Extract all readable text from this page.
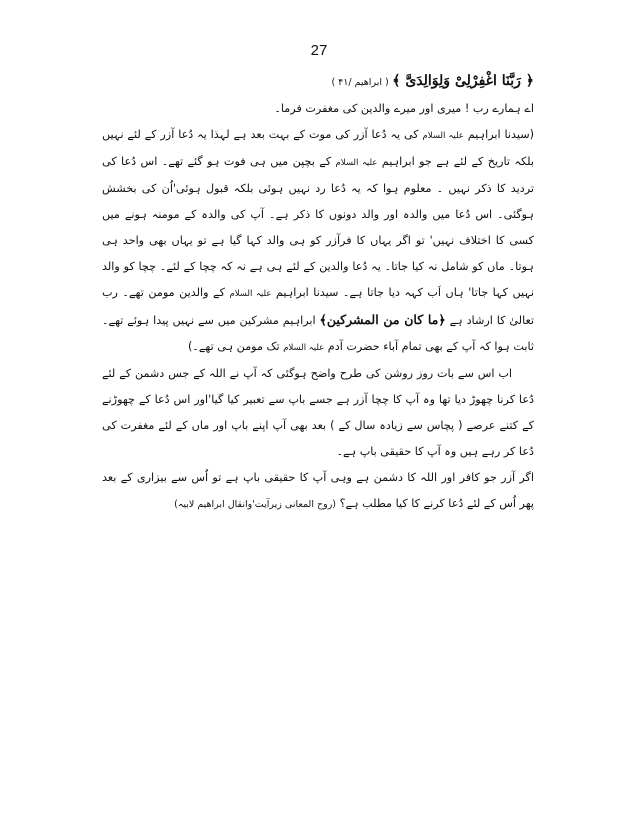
27

﴿ رَبَّنَا اغْفِرْلِیْ وَلِوَالِدَیَّ ﴾ ( ابراھیم /۴۱ )

اے ہمارے رب ! میری اور میرے والدین کی مغفرت فرما۔

(سیدنا ابراہیم علیہ السلام کی یہ دُعا آزر کی موت کے بہت بعد ہے لہذا یہ دُعا آزر کے لئے نہیں بلکہ تاریخ کے لئے ہے جو ابراہیم علیہ السلام کے بچپن میں ہی فوت ہو گئے تھے۔ اس دُعا کی تردید کا ذکر نہیں ۔ معلوم ہوا کہ یہ دُعا رد نہیں ہوئی بلکہ قبول ہوئی'اُن کی بخشش ہوگئی۔ اس دُعا میں والدہ اور والد دونوں کا ذکر ہے۔ آپ کی والدہ کے مومنہ ہونے میں کسی کا اختلاف نہیں' تو اگر یہاں کا فرآزر کو ہی والد کہا گیا ہے تو یہاں بھی واحد ہی ہوتا۔ ماں کو شامل نہ کیا جاتا۔ یہ دُعا والدین کے لئے ہی ہے نہ کہ چچا کے لئے۔ چچا کو والد نہیں کہا جاتا' ہاں اَب کہہ دیا جاتا ہے۔ سیدنا ابراہیم علیہ السلام کے والدین مومن تھے۔ رب تعالیٰ کا ارشاد ہے ﴿ما کان من المشرکین﴾ ابراہیم مشرکین میں سے نہیں پیدا ہوئے تھے۔ ثابت ہوا کہ آپ کے بھی تمام آباء حضرت آدم علیہ السلام تک مومن ہی تھے۔)

اب اس سے بات روز روشن کی طرح واضح ہوگئی کہ آپ نے اللہ کے جس دشمن کے لئے دُعا کرنا چھوڑ دیا تھا وہ آپ کا چچا آزر ہے جسے باپ سے تعبیر کیا گیا'اور اس دُعا کے چھوڑنے کے کتنے عرصے ( پچاس سے زیادہ سال کے ) بعد بھی آپ اپنے باپ اور ماں کے لئے مغفرت کی دُعا کر رہے ہیں وہ آپ کا حقیقی باپ ہے۔

اگر آزر جو کافر اور اللہ کا دشمن ہے وہی آپ کا حقیقی باپ ہے تو اُس سے بیزاری کے بعد پھر اُس کے لئے دُعا کرنے کا کیا مطلب ہے؟ (روح المعانی زیرآیت'وانقال ابراھیم لابیہ)
